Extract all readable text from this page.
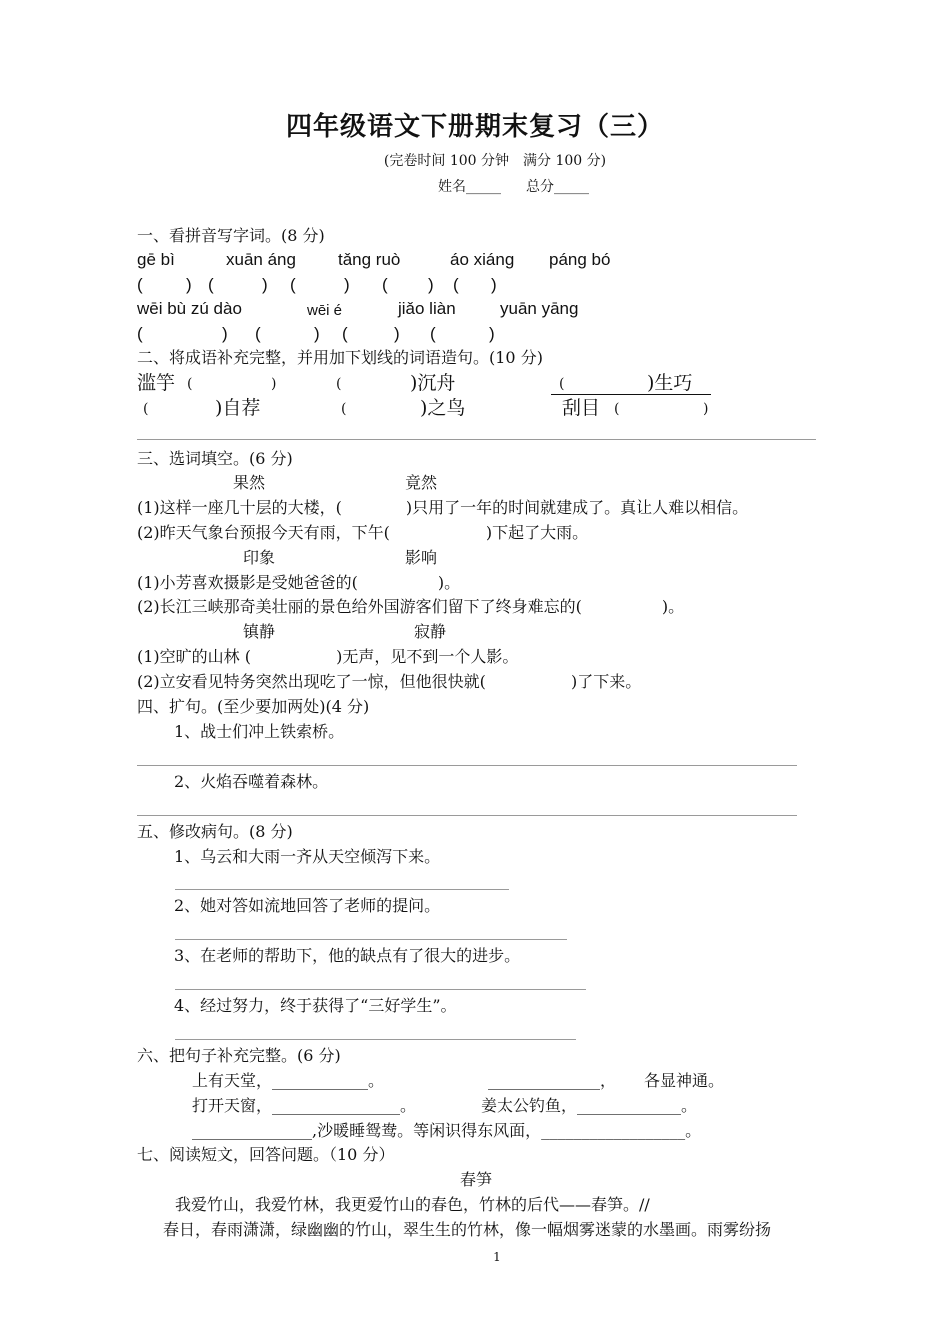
四年级语文下册期末复习（三）
(完卷时间 100 分钟　满分 100 分)
姓名_____ 总分_____
一、看拼音写字词。(8 分)
gē bì	xuān áng tǎng ruò	áo xiáng páng bó
(	) (	) (	) ( ) ( )
wēi bù zú dào	wēi é	jiǎo liàn	yuān yāng
(	) (	) (	) (	)
二、将成语补充完整，并用加下划线的词语造句。(10 分)
滥竽 (	)	(	)沉舟	(	)生巧
(	)自荐	(	)之鸟	刮目 (	)
三、选词填空。(6 分)
果然	竟然
(1)这样一座几十层的大楼，(　　　　)只用了一年的时间就建成了。真让人难以相信。
(2)昨天气象台预报今天有雨，下午(　　　　　　)下起了大雨。
印象	影响
(1)小芳喜欢摄影是受她爸爸的(　　　　　)。
(2)长江三峡那奇美壮丽的景色给外国游客们留下了终身难忘的(　　　　　)。
镇静	寂静
(1)空旷的山林 (　　　　　 )无声，见不到一个人影。
(2)立安看见特务突然出现吃了一惊，但他很快就(　　　　　 )了下来。
四、扩句。(至少要加两处)(4 分)
1、战士们冲上铁索桥。
2、火焰吞噬着森林。
五、修改病句。(8 分)
1、乌云和大雨一齐从天空倾泻下来。
2、她对答如流地回答了老师的提问。
3、在老师的帮助下，他的缺点有了很大的进步。
4、经过努力，终于获得了“三好学生”。
六、把句子补充完整。(6 分)
上有天堂，____________。	______________， 各显神通。
打开天窗，________________。	姜太公钓鱼，_____________。
_______________,沙暖睡鸳鸯。等闲识得东风面，__________________。
七、阅读短文，回答问题。（10 分）
春笋
我爱竹山，我爱竹林，我更爱竹山的春色，竹林的后代——春笋。//
春日，春雨潇潇，绿幽幽的竹山，翠生生的竹林，像一幅烟雾迷蒙的水墨画。雨雾纷扬
1
